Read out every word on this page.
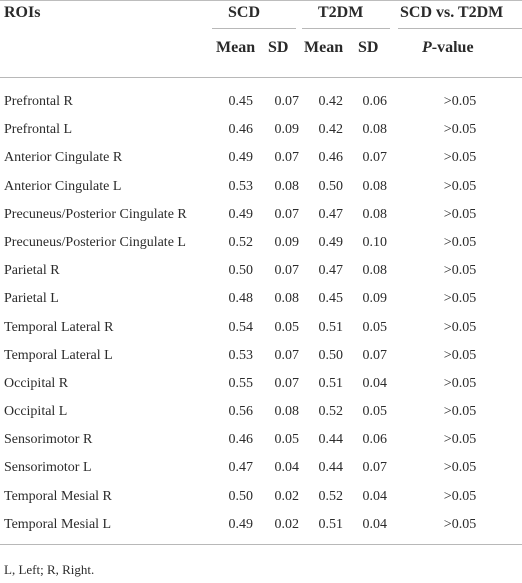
ROIs	SCD	T2DM SCD vs. T2DM
Mean SD Mean SD	P-value
Prefrontal R	0.45	0.07	0.42	0.06	>0.05
Prefrontal L	0.46	0.09	0.42	0.08	>0.05
Anterior Cingulate R	0.49	0.07	0.46	0.07	>0.05
Anterior Cingulate L	0.53	0.08	0.50	0.08	>0.05
Precuneus/Posterior Cingulate R	0.49	0.07	0.47	0.08	>0.05
Precuneus/Posterior Cingulate L	0.52	0.09	0.49	0.10	>0.05
Parietal R	0.50	0.07	0.47	0.08	>0.05
Parietal L	0.48	0.08	0.45	0.09	>0.05
Temporal Lateral R	0.54	0.05	0.51	0.05	>0.05
Temporal Lateral L	0.53	0.07	0.50	0.07	>0.05
Occipital R	0.55	0.07	0.51	0.04	>0.05
Occipital L	0.56	0.08	0.52	0.05	>0.05
Sensorimotor R	0.46	0.05	0.44	0.06	>0.05
Sensorimotor L	0.47	0.04	0.44	0.07	>0.05
Temporal Mesial R	0.50	0.02	0.52	0.04	>0.05
Temporal Mesial L	0.49	0.02	0.51	0.04	>0.05
L, Left; R, Right.
